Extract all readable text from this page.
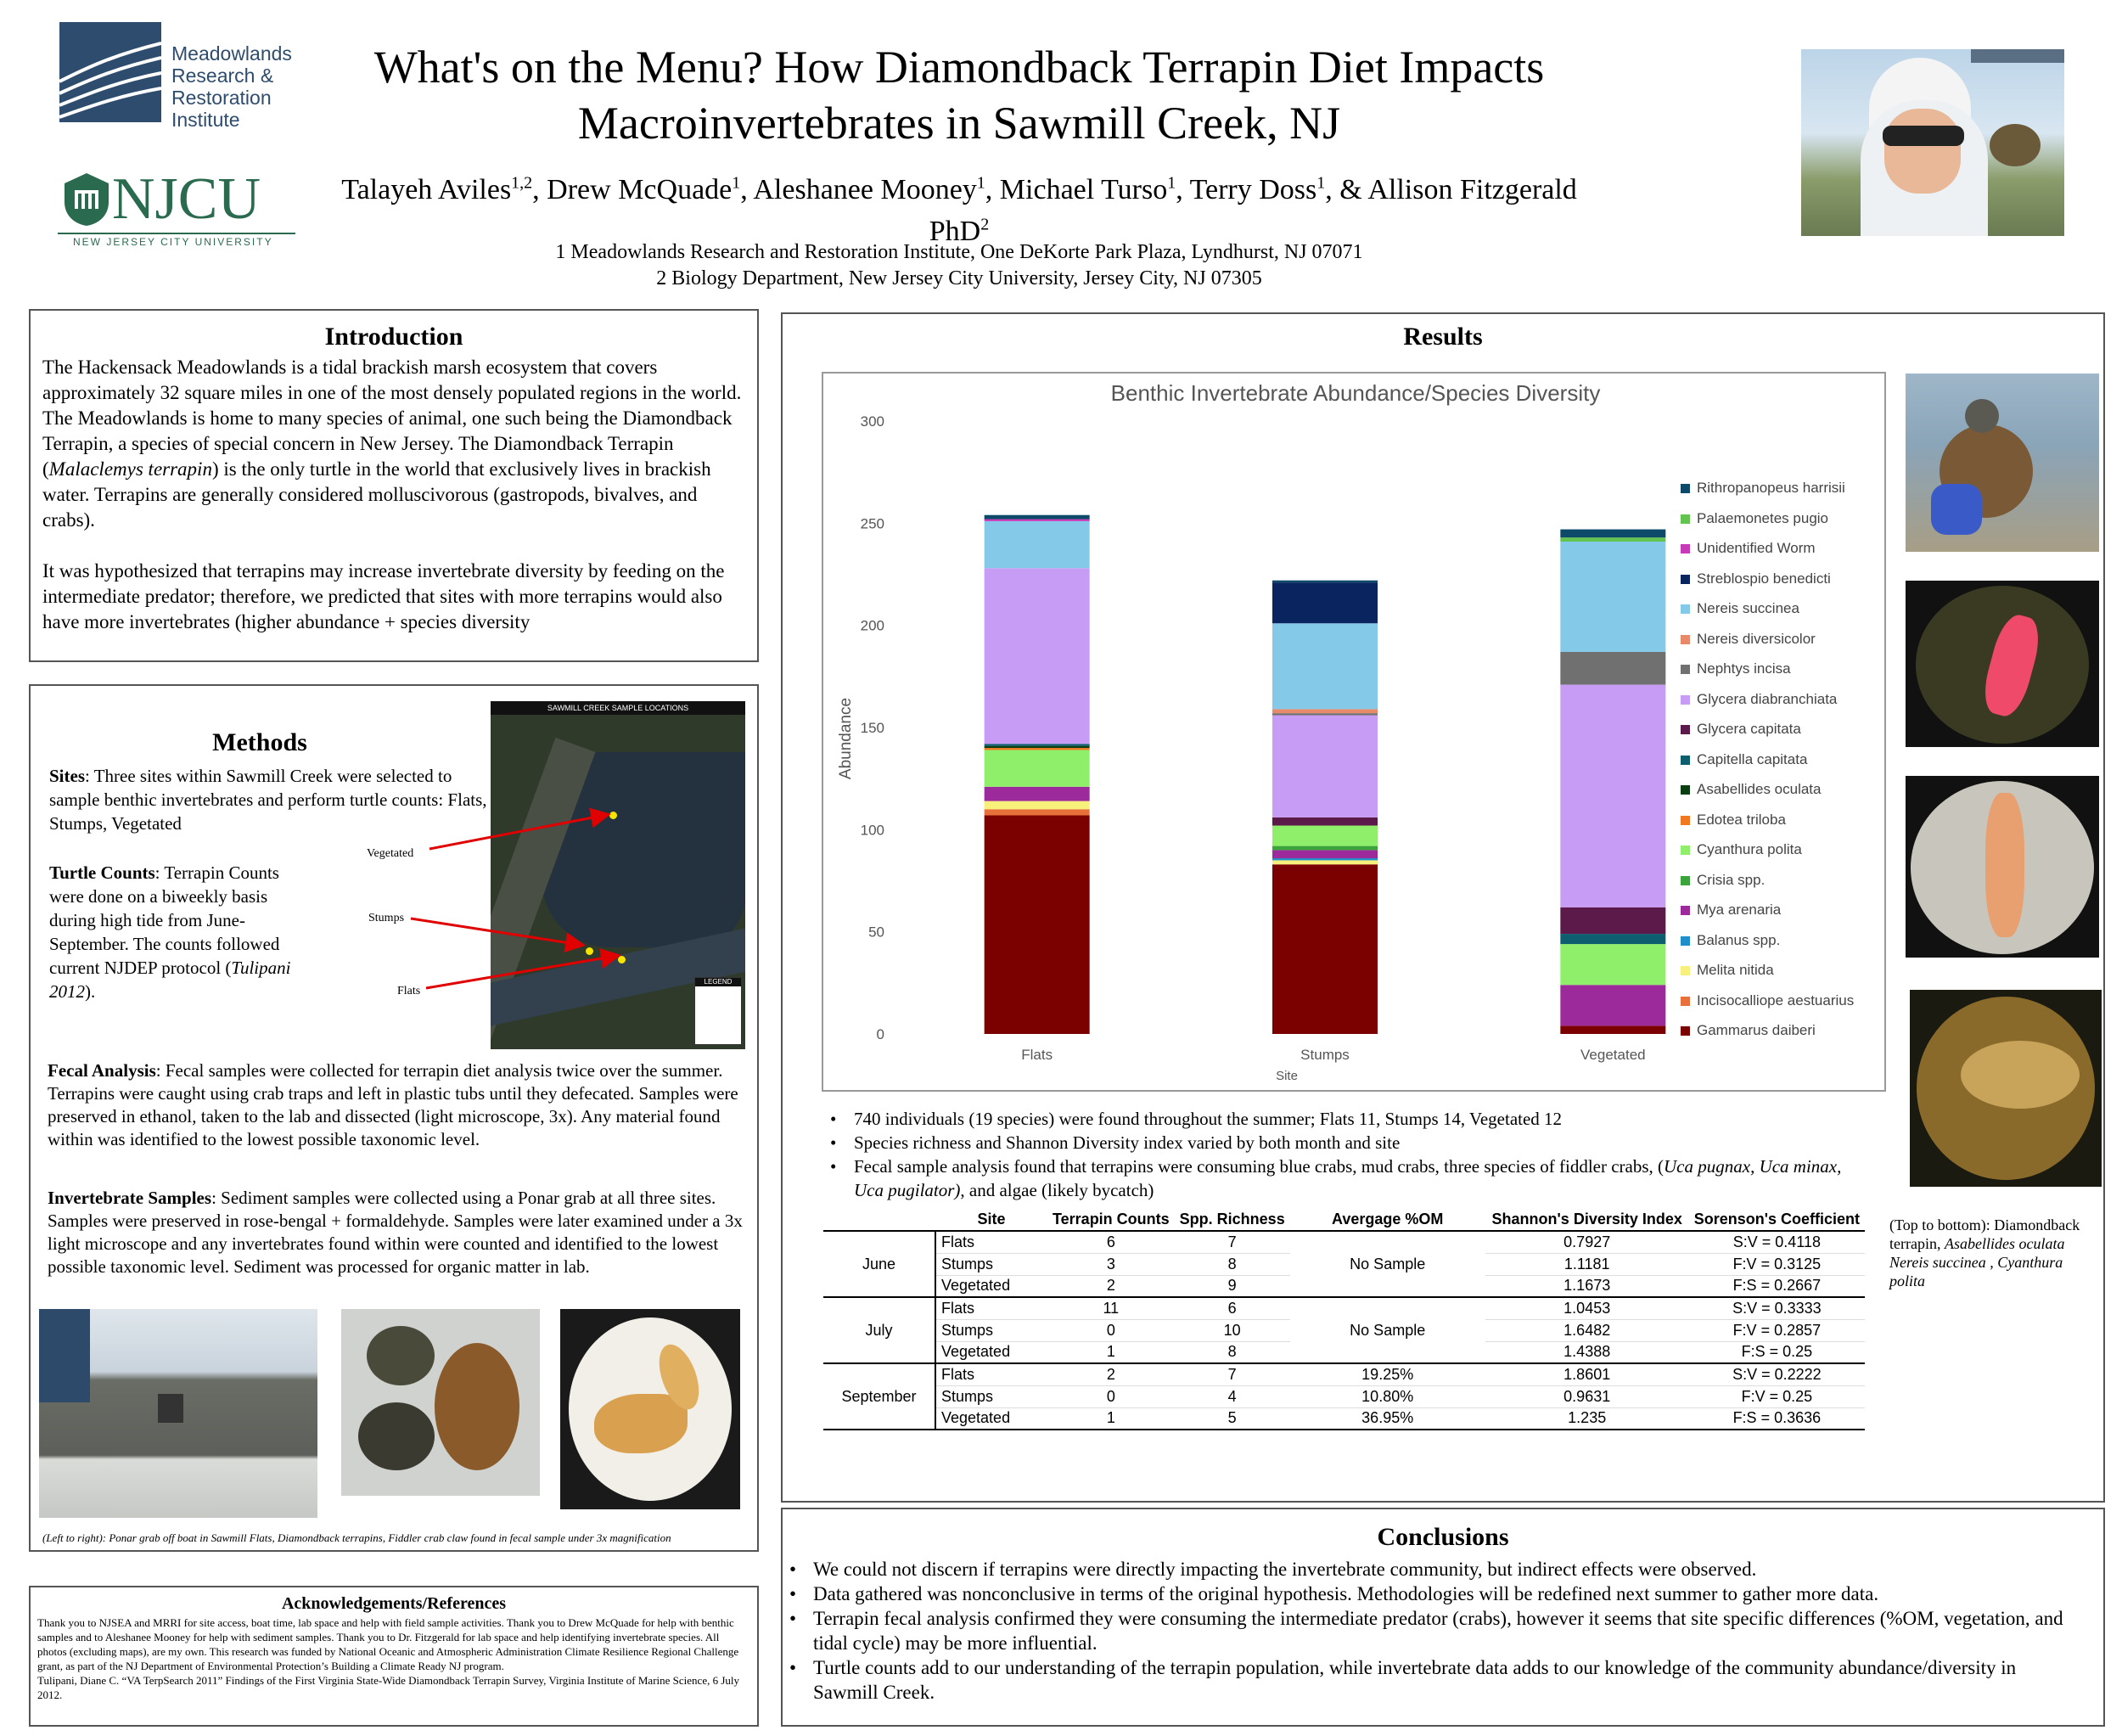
Meadowlands
Research &
Restoration
Institute
NJCU
NEW JERSEY CITY UNIVERSITY
What's on the Menu? How Diamondback Terrapin Diet Impacts
Macroinvertebrates in Sawmill Creek, NJ
Talayeh Aviles$^{1,2}$, Drew McQuade$^1$, Aleshanee Mooney$^1$, Michael Turso$^1$, Terry Doss$^1$, & Allison Fitzgerald PhD$^2$
1 Meadowlands Research and Restoration Institute, One DeKorte Park Plaza, Lyndhurst, NJ 07071
2 Biology Department, New Jersey City University, Jersey City, NJ 07305
Introduction

The Hackensack Meadowlands is a tidal brackish marsh ecosystem that covers approximately 32 square miles in one of the most densely populated regions in the world. The Meadowlands is home to many species of animal, one such being the Diamondback Terrapin, a species of special concern in New Jersey. The Diamondback Terrapin (Malaclemys terrapin) is the only turtle in the world that exclusively lives in brackish water. Terrapins are generally considered molluscivorous (gastropods, bivalves, and crabs).

It was hypothesized that terrapins may increase invertebrate diversity by feeding on the intermediate predator; therefore, we predicted that sites with more terrapins would also have more invertebrates (higher abundance + species diversity

Methods
Sites: Three sites within Sawmill Creek were selected to sample benthic invertebrates and perform turtle counts: Flats, Stumps, Vegetated
Turtle Counts: Terrapin Counts were done on a biweekly basis during high tide from June-September. The counts followed current NJDEP protocol (Tulipani 2012).
SAWMILL CREEK SAMPLE LOCATIONS
LEGEND
Vegetated
Stumps
Flats
Fecal Analysis: Fecal samples were collected for terrapin diet analysis twice over the summer. Terrapins were caught using crab traps and left in plastic tubs until they defecated. Samples were preserved in ethanol, taken to the lab and dissected (light microscope, 3x). Any material found within was identified to the lowest possible taxonomic level.
Invertebrate Samples: Sediment samples were collected using a Ponar grab at all three sites. Samples were preserved in rose-bengal + formaldehyde. Samples were later examined under a 3x light microscope and any invertebrates found within were counted and identified to the lowest possible taxonomic level. Sediment was processed for organic matter in lab.
(Left to right): Ponar grab off boat in Sawmill Flats, Diamondback terrapins, Fiddler crab claw found in fecal sample under 3x magnification
Acknowledgements/References
Thank you to NJSEA and MRRI for site access, boat time, lab space and help with field sample activities. Thank you to Drew McQuade for help with benthic samples and to Aleshanee Mooney for help with sediment samples. Thank you to Dr. Fitzgerald for lab space and help identifying invertebrate species. All photos (excluding maps), are my own. This research was funded by National Oceanic and Atmospheric Administration Climate Resilience Regional Challenge grant, as part of the NJ Department of Environmental Protection’s Building a Climate Ready NJ program.
Tulipani, Diane C. “VA TerpSearch 2011” Findings of the First Virginia State-Wide Diamondback Terrapin Survey, Virginia Institute of Marine Science, 6 July 2012.
Results
Benthic Invertebrate Abundance/Species Diversity
Abundance
Site
0
50
100
150
200
250
300
Flats	Stumps	Vegetated
Rithropanopeus harrisii
Palaemonetes pugio
Unidentified Worm
Streblospio benedicti
Nereis succinea
Nereis diversicolor
Nephtys incisa
Glycera diabranchiata
Glycera capitata
Capitella capitata
Asabellides oculata
Edotea triloba
Cyanthura polita
Crisia spp.
Mya arenaria
Balanus spp.
Melita nitida
Incisocalliope aestuarius
Gammarus daiberi
(Top to bottom): Diamondback terrapin, Asabellides oculata Nereis succinea , Cyanthura polita
• 740 individuals (19 species) were found throughout the summer; Flats 11, Stumps 14, Vegetated 12
• Species richness and Shannon Diversity index varied by both month and site
• Fecal sample analysis found that terrapins were consuming blue crabs, mud crabs, three species of fiddler crabs, (Uca pugnax, Uca minax, Uca pugilator), and algae (likely bycatch)
	Site	Terrapin Counts	Spp. Richness	Avergage %OM	Shannon's Diversity Index	Sorenson's Coefficient
June	Flats	6	7	No Sample	0.7927	S:V = 0.4118
	Stumps	3	8		1.1181	F:V = 0.3125
	Vegetated	2	9		1.1673	F:S = 0.2667
July	Flats	11	6	No Sample	1.0453	S:V = 0.3333
	Stumps	0	10		1.6482	F:V = 0.2857
	Vegetated	1	8		1.4388	F:S = 0.25
September	Flats	2	7	19.25%	1.8601	S:V = 0.2222
	Stumps	0	4	10.80%	0.9631	F:V = 0.25
	Vegetated	1	5	36.95%	1.235	F:S = 0.3636
Conclusions
• We could not discern if terrapins were directly impacting the invertebrate community, but indirect effects were observed.
• Data gathered was nonconclusive in terms of the original hypothesis. Methodologies will be redefined next summer to gather more data.
• Terrapin fecal analysis confirmed they were consuming the intermediate predator (crabs), however it seems that site specific differences (%OM, vegetation, and tidal cycle) may be more influential.
• Turtle counts add to our understanding of the terrapin population, while invertebrate data adds to our knowledge of the community abundance/diversity in Sawmill Creek.
